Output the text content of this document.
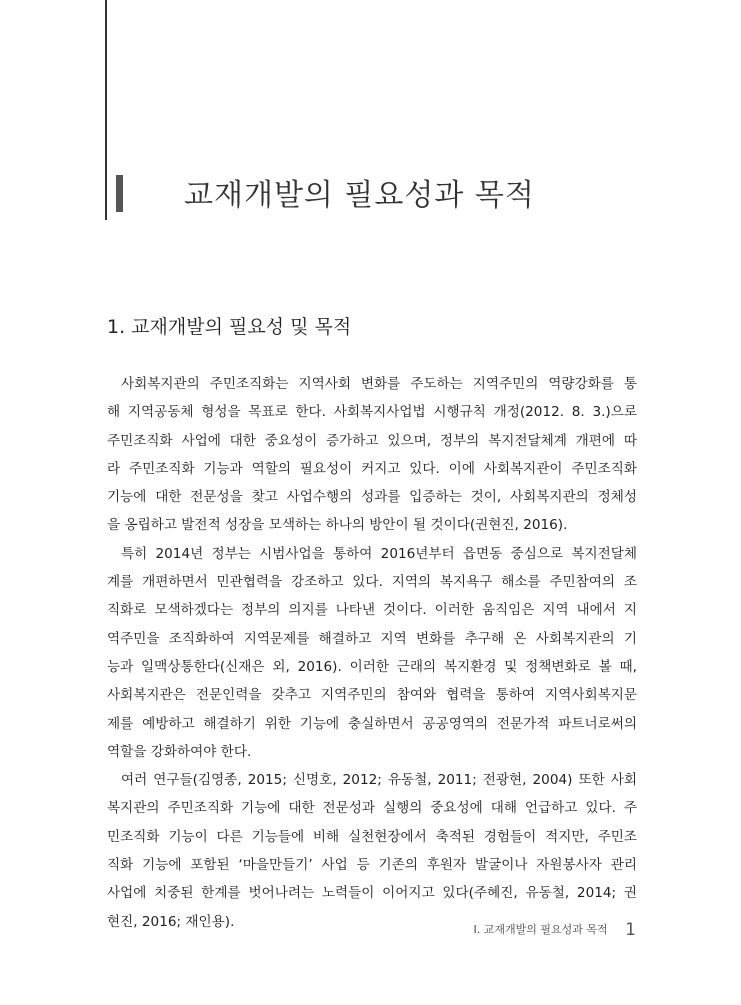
교재개발의 필요성과 목적
1. 교재개발의 필요성 및 목적
사회복지관의 주민조직화는 지역사회 변화를 주도하는 지역주민의 역량강화를 통
해 지역공동체 형성을 목표로 한다. 사회복지사업법 시행규칙 개정(2012. 8. 3.)으로
주민조직화 사업에 대한 중요성이 증가하고 있으며, 정부의 복지전달체계 개편에 따
라 주민조직화 기능과 역할의 필요성이 커지고 있다. 이에 사회복지관이 주민조직화
기능에 대한 전문성을 찾고 사업수행의 성과를 입증하는 것이, 사회복지관의 정체성
을 옹립하고 발전적 성장을 모색하는 하나의 방안이 될 것이다(권현진, 2016).
특히 2014년 정부는 시범사업을 통하여 2016년부터 읍면동 중심으로 복지전달체
계를 개편하면서 민관협력을 강조하고 있다. 지역의 복지욕구 해소를 주민참여의 조
직화로 모색하겠다는 정부의 의지를 나타낸 것이다. 이러한 움직임은 지역 내에서 지
역주민을 조직화하여 지역문제를 해결하고 지역 변화를 추구해 온 사회복지관의 기
능과 일맥상통한다(신재은 외, 2016). 이러한 근래의 복지환경 및 정책변화로 볼 때,
사회복지관은 전문인력을 갖추고 지역주민의 참여와 협력을 통하여 지역사회복지문
제를 예방하고 해결하기 위한 기능에 충실하면서 공공영역의 전문가적 파트너로써의
역할을 강화하여야 한다.
여러 연구들(김영종, 2015; 신명호, 2012; 유동철, 2011; 전광현, 2004) 또한 사회
복지관의 주민조직화 기능에 대한 전문성과 실행의 중요성에 대해 언급하고 있다. 주
민조직화 기능이 다른 기능들에 비해 실천현장에서 축적된 경험들이 적지만, 주민조
직화 기능에 포함된 ‘마을만들기’ 사업 등 기존의 후원자 발굴이나 자원봉사자 관리
사업에 치중된 한계를 벗어나려는 노력들이 이어지고 있다(주혜진, 유동철, 2014; 권
현진, 2016; 재인용).	Ⅰ. 교재개발의 필요성과 목적 1
